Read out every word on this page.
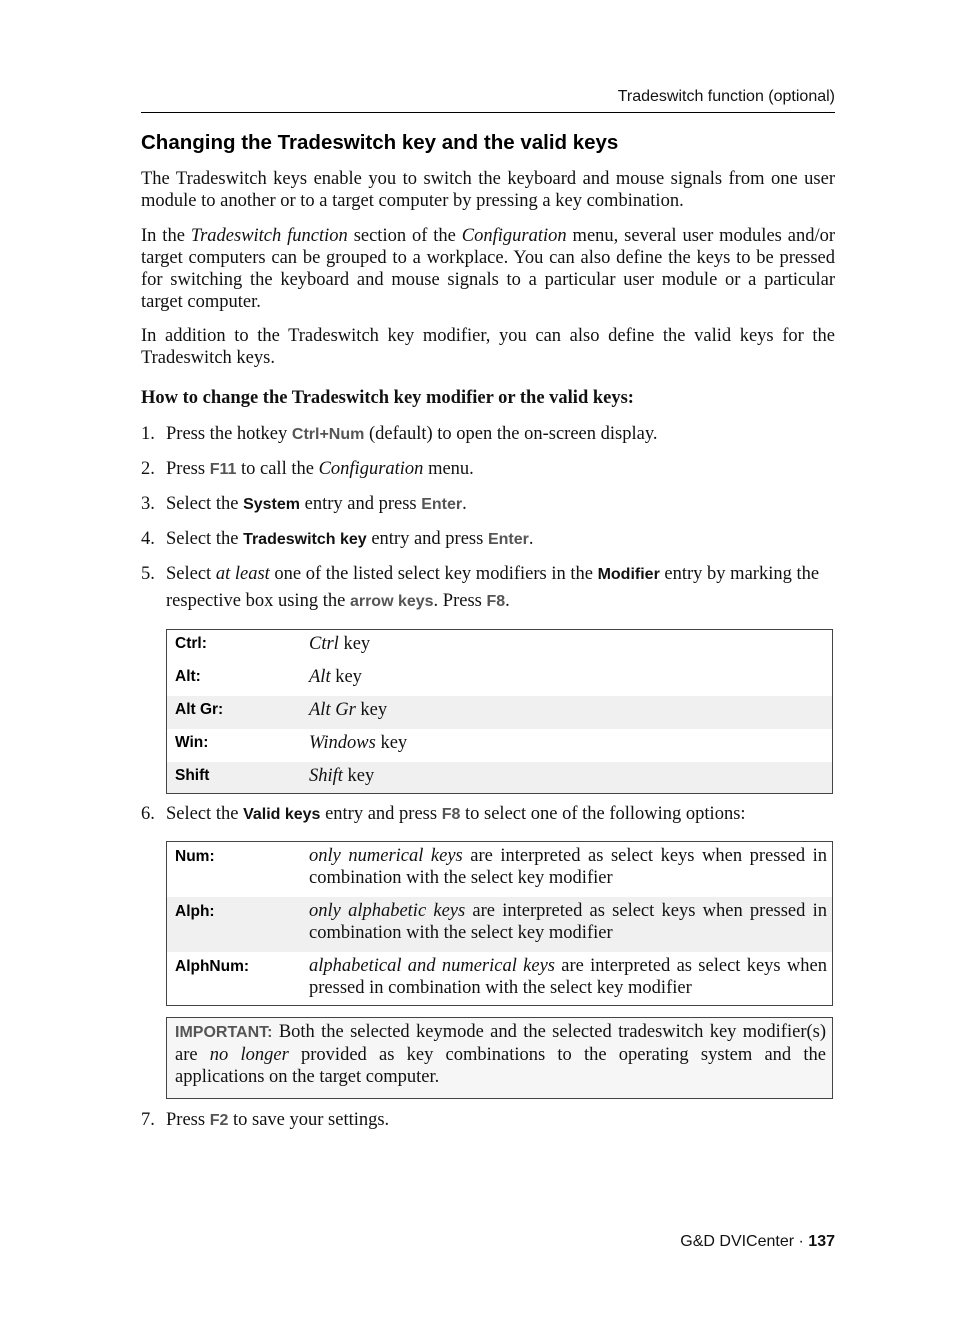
Tradeswitch function (optional)
Changing the Tradeswitch key and the valid keys

The Tradeswitch keys enable you to switch the keyboard and mouse signals from one user module to another or to a target computer by pressing a key combination.

In the Tradeswitch function section of the Configuration menu, several user modules and/or target computers can be grouped to a workplace. You can also define the keys to be pressed for switching the keyboard and mouse signals to a particular user module or a particular target computer.

In addition to the Tradeswitch key modifier, you can also define the valid keys for the Tradeswitch keys.

How to change the Tradeswitch key modifier or the valid keys:

1. Press the hotkey Ctrl+Num (default) to open the on-screen display.
2. Press F11 to call the Configuration menu.
3. Select the System entry and press Enter.
4. Select the Tradeswitch key entry and press Enter.
5. Select at least one of the listed select key modifiers in the Modifier entry by marking the respective box using the arrow keys. Press F8.
Ctrl:	Ctrl key
Alt:	Alt key
Alt Gr:	Alt Gr key
Win:	Windows key
Shift	Shift key
6. Select the Valid keys entry and press F8 to select one of the following options:
Num:	only numerical keys are interpreted as select keys when pressed in combination with the select key modifier
Alph:	only alphabetic keys are interpreted as select keys when pressed in combination with the select key modifier
AlphNum:	alphabetical and numerical keys are interpreted as select keys when pressed in combination with the select key modifier
IMPORTANT: Both the selected keymode and the selected tradeswitch key modifier(s) are no longer provided as key combinations to the operating system and the applications on the target computer.
7. Press F2 to save your settings.
G&D DVICenter · 137
